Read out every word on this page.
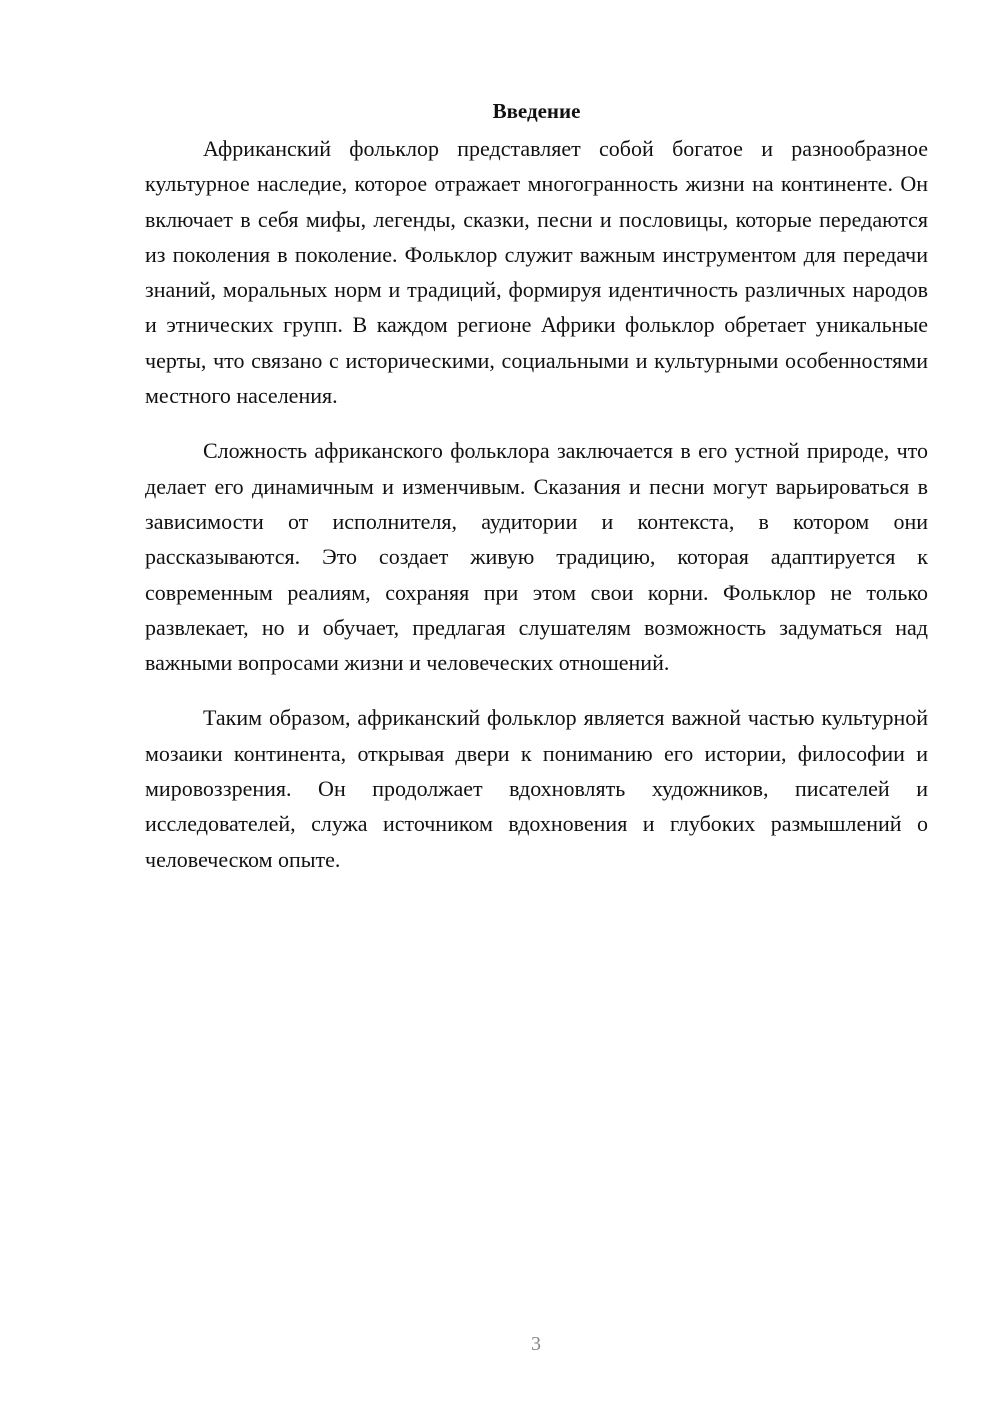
Введение

Африканский фольклор представляет собой богатое и разнообразное культурное наследие, которое отражает многогранность жизни на континенте. Он включает в себя мифы, легенды, сказки, песни и пословицы, которые передаются из поколения в поколение. Фольклор служит важным инструментом для передачи знаний, моральных норм и традиций, формируя идентичность различных народов и этнических групп. В каждом регионе Африки фольклор обретает уникальные черты, что связано с историческими, социальными и культурными особенностями местного населения.

Сложность африканского фольклора заключается в его устной природе, что делает его динамичным и изменчивым. Сказания и песни могут варьироваться в зависимости от исполнителя, аудитории и контекста, в котором они рассказываются. Это создает живую традицию, которая адаптируется к современным реалиям, сохраняя при этом свои корни. Фольклор не только развлекает, но и обучает, предлагая слушателям возможность задуматься над важными вопросами жизни и человеческих отношений.

Таким образом, африканский фольклор является важной частью культурной мозаики континента, открывая двери к пониманию его истории, философии и мировоззрения. Он продолжает вдохновлять художников, писателей и исследователей, служа источником вдохновения и глубоких размышлений о человеческом опыте.

3
